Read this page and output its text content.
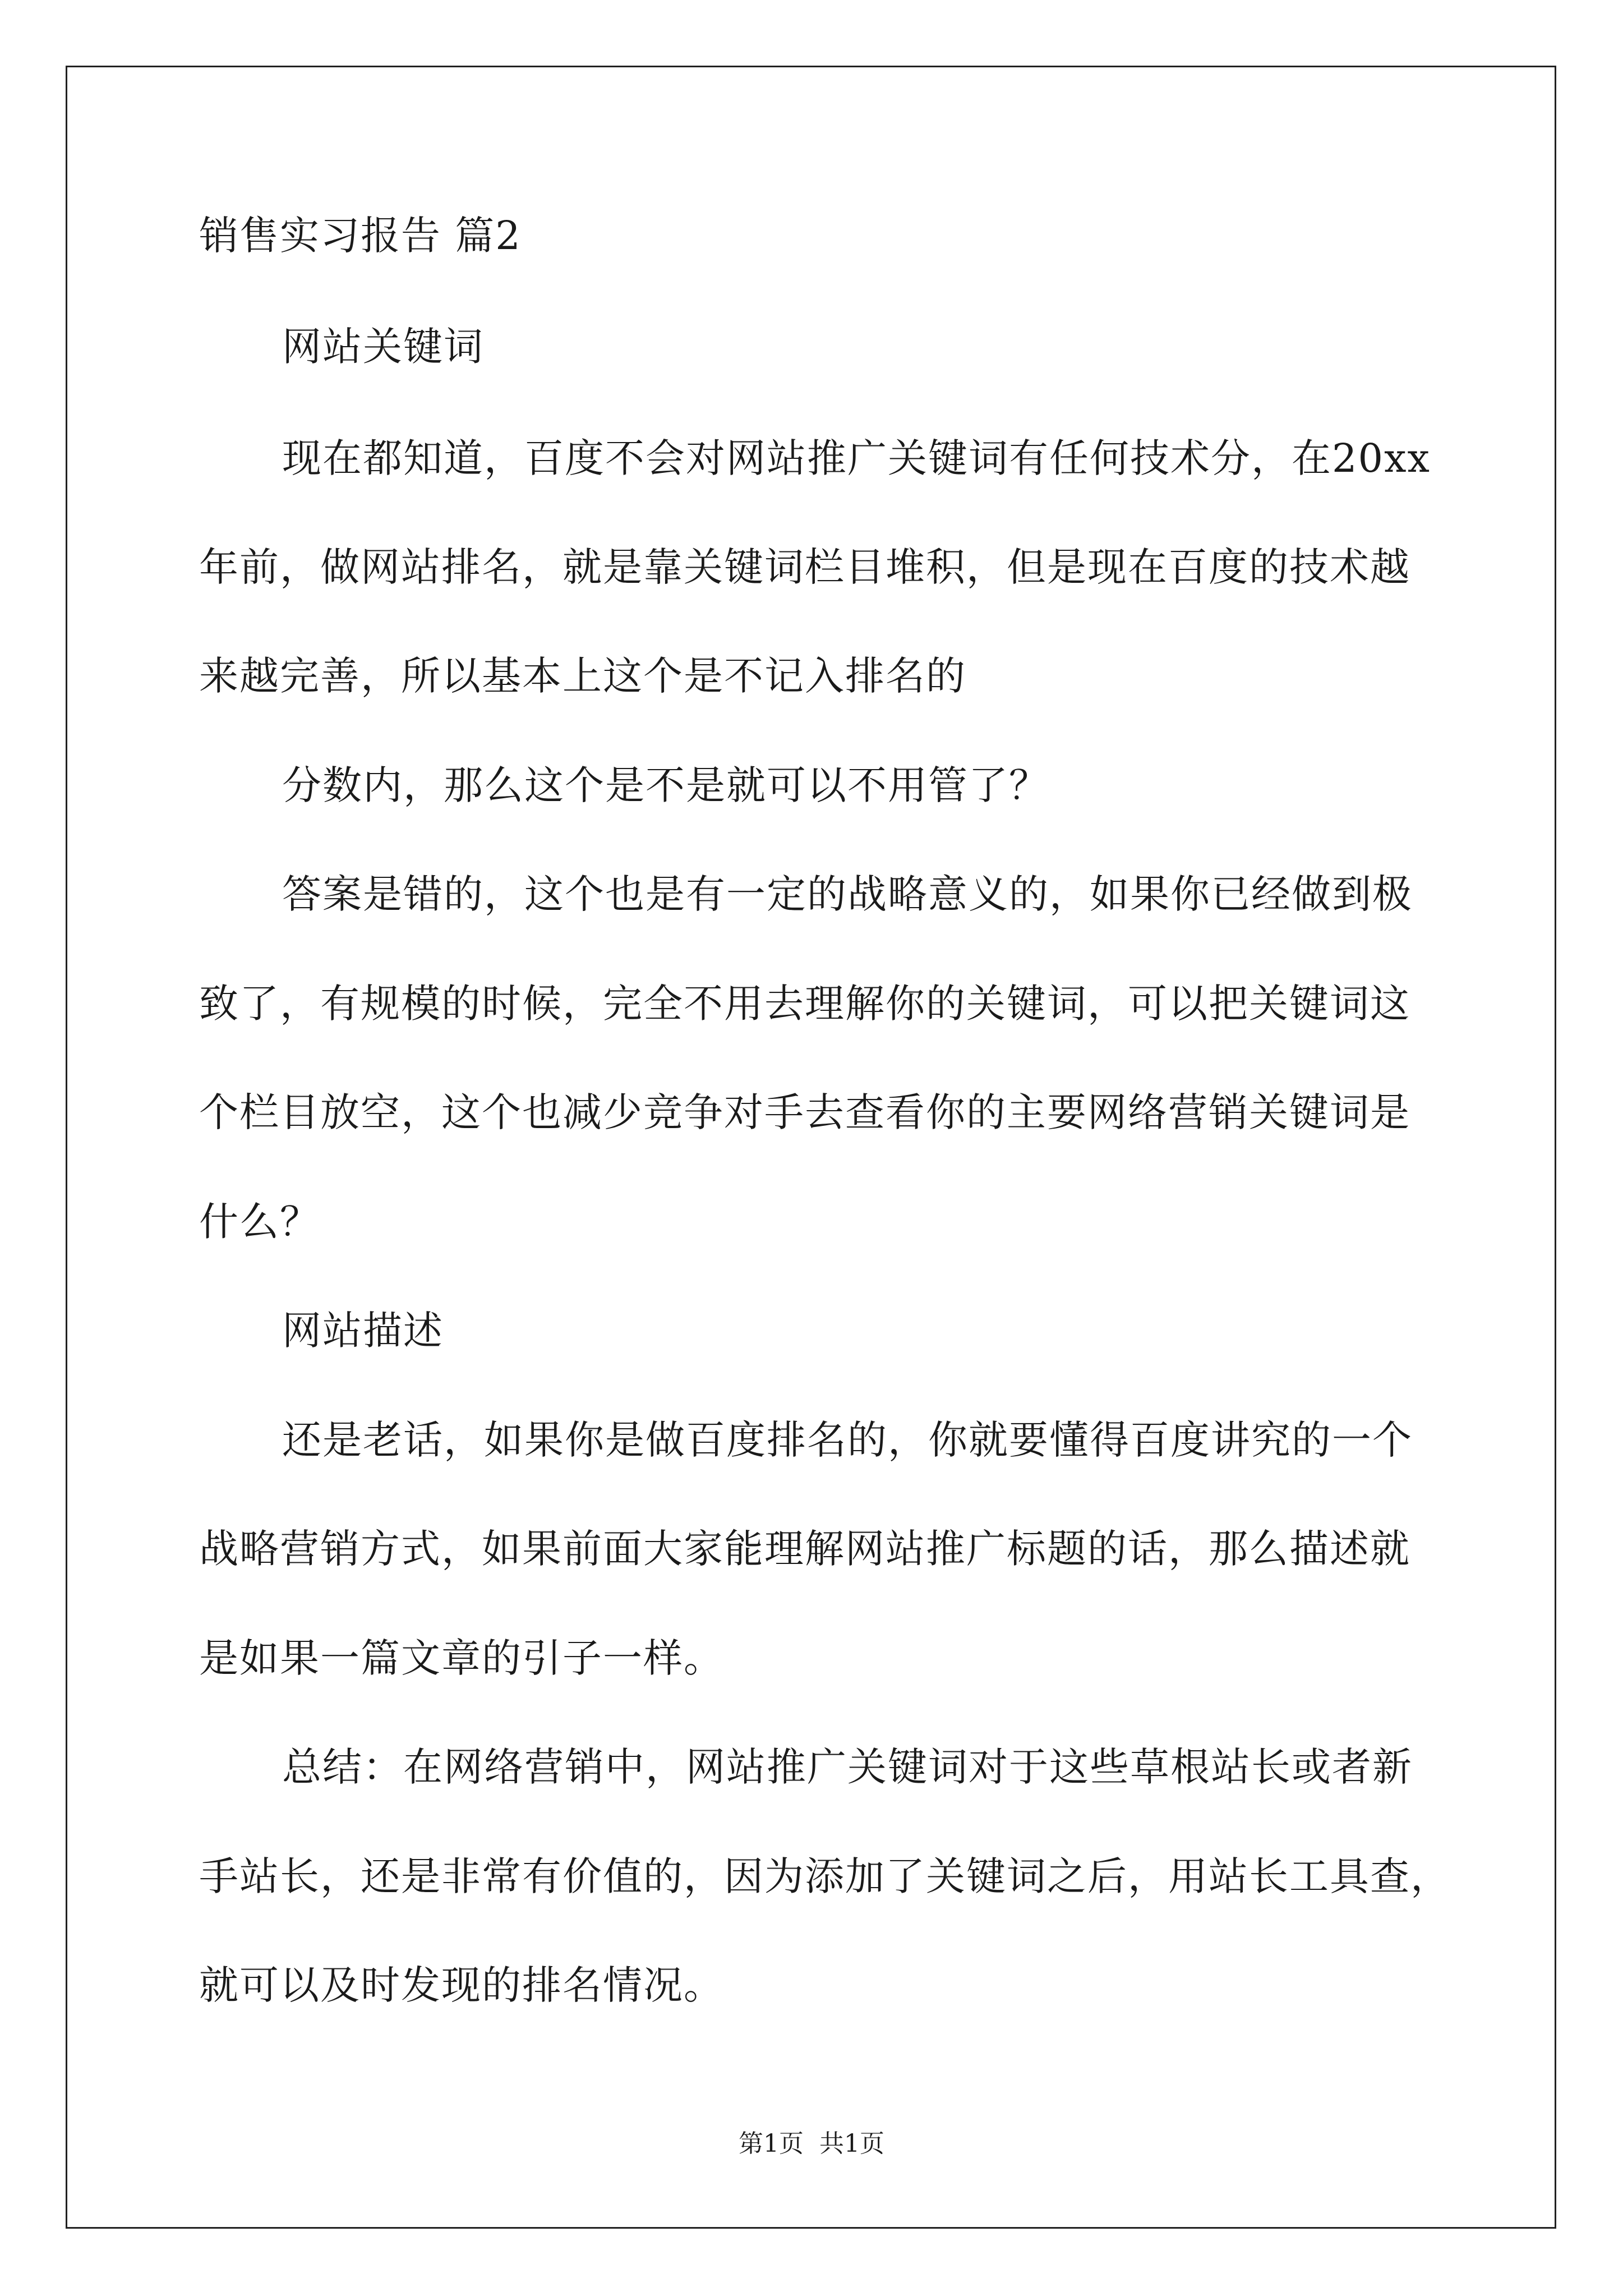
销售实习报告 篇2
网站关键词
现在都知道，百度不会对网站推广关键词有任何技术分，在20xx
年前，做网站排名，就是靠关键词栏目堆积，但是现在百度的技术越
来越完善，所以基本上这个是不记入排名的
分数内，那么这个是不是就可以不用管了？
答案是错的，这个也是有一定的战略意义的，如果你已经做到极
致了，有规模的时候，完全不用去理解你的关键词，可以把关键词这
个栏目放空，这个也减少竞争对手去查看你的主要网络营销关键词是
什么？
网站描述
还是老话，如果你是做百度排名的，你就要懂得百度讲究的一个
战略营销方式，如果前面大家能理解网站推广标题的话，那么描述就
是如果一篇文章的引子一样。
总结：在网络营销中，网站推广关键词对于这些草根站长或者新
手站长，还是非常有价值的，因为添加了关键词之后，用站长工具查，
就可以及时发现的排名情况。
第1页 共1页
